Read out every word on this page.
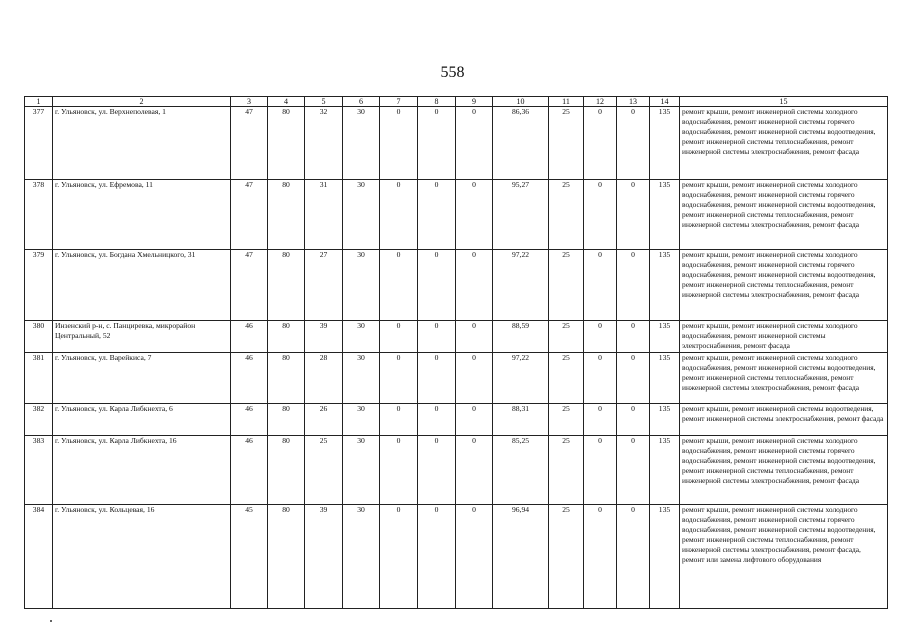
558
1	2	3	4	5	6	7	8	9	10	11	12	13	14	15
377	г. Ульяновск, ул. Верхнеполевая, 1	47	80	32	30	0	0	0	86,36	25	0	0	135	ремонт крыши, ремонт инженерной системы холодного водоснабжения, ремонт инженерной системы горячего водоснабжения, ремонт инженерной системы водоотведения, ремонт инженерной системы теплоснабжения, ремонт инженерной системы электроснабжения, ремонт фасада
378	г. Ульяновск, ул. Ефремова, 11	47	80	31	30	0	0	0	95,27	25	0	0	135	ремонт крыши, ремонт инженерной системы холодного водоснабжения, ремонт инженерной системы горячего водоснабжения, ремонт инженерной системы водоотведения, ремонт инженерной системы теплоснабжения, ремонт инженерной системы электроснабжения, ремонт фасада
379	г. Ульяновск, ул. Богдана Хмельницкого, 31	47	80	27	30	0	0	0	97,22	25	0	0	135	ремонт крыши, ремонт инженерной системы холодного водоснабжения, ремонт инженерной системы горячего водоснабжения, ремонт инженерной системы водоотведения, ремонт инженерной системы теплоснабжения, ремонт инженерной системы электроснабжения, ремонт фасада
380	Инзенский р-н, с. Панциревка, микрорайон Центральный, 52	46	80	39	30	0	0	0	88,59	25	0	0	135	ремонт крыши, ремонт инженерной системы холодного водоснабжения, ремонт инженерной системы электроснабжения, ремонт фасада
381	г. Ульяновск, ул. Варейкиса, 7	46	80	28	30	0	0	0	97,22	25	0	0	135	ремонт крыши, ремонт инженерной системы холодного водоснабжения, ремонт инженерной системы водоотведения, ремонт инженерной системы теплоснабжения, ремонт инженерной системы электроснабжения, ремонт фасада
382	г. Ульяновск, ул. Карла Либкнехта, 6	46	80	26	30	0	0	0	88,31	25	0	0	135	ремонт крыши, ремонт инженерной системы водоотведения, ремонт инженерной системы электроснабжения, ремонт фасада
383	г. Ульяновск, ул. Карла Либкнехта, 16	46	80	25	30	0	0	0	85,25	25	0	0	135	ремонт крыши, ремонт инженерной системы холодного водоснабжения, ремонт инженерной системы горячего водоснабжения, ремонт инженерной системы водоотведения, ремонт инженерной системы теплоснабжения, ремонт инженерной системы электроснабжения, ремонт фасада
384	г. Ульяновск, ул. Кольцевая, 16	45	80	39	30	0	0	0	96,94	25	0	0	135	ремонт крыши, ремонт инженерной системы холодного водоснабжения, ремонт инженерной системы горячего водоснабжения, ремонт инженерной системы водоотведения, ремонт инженерной системы теплоснабжения, ремонт инженерной системы электроснабжения, ремонт фасада, ремонт или замена лифтового оборудования
